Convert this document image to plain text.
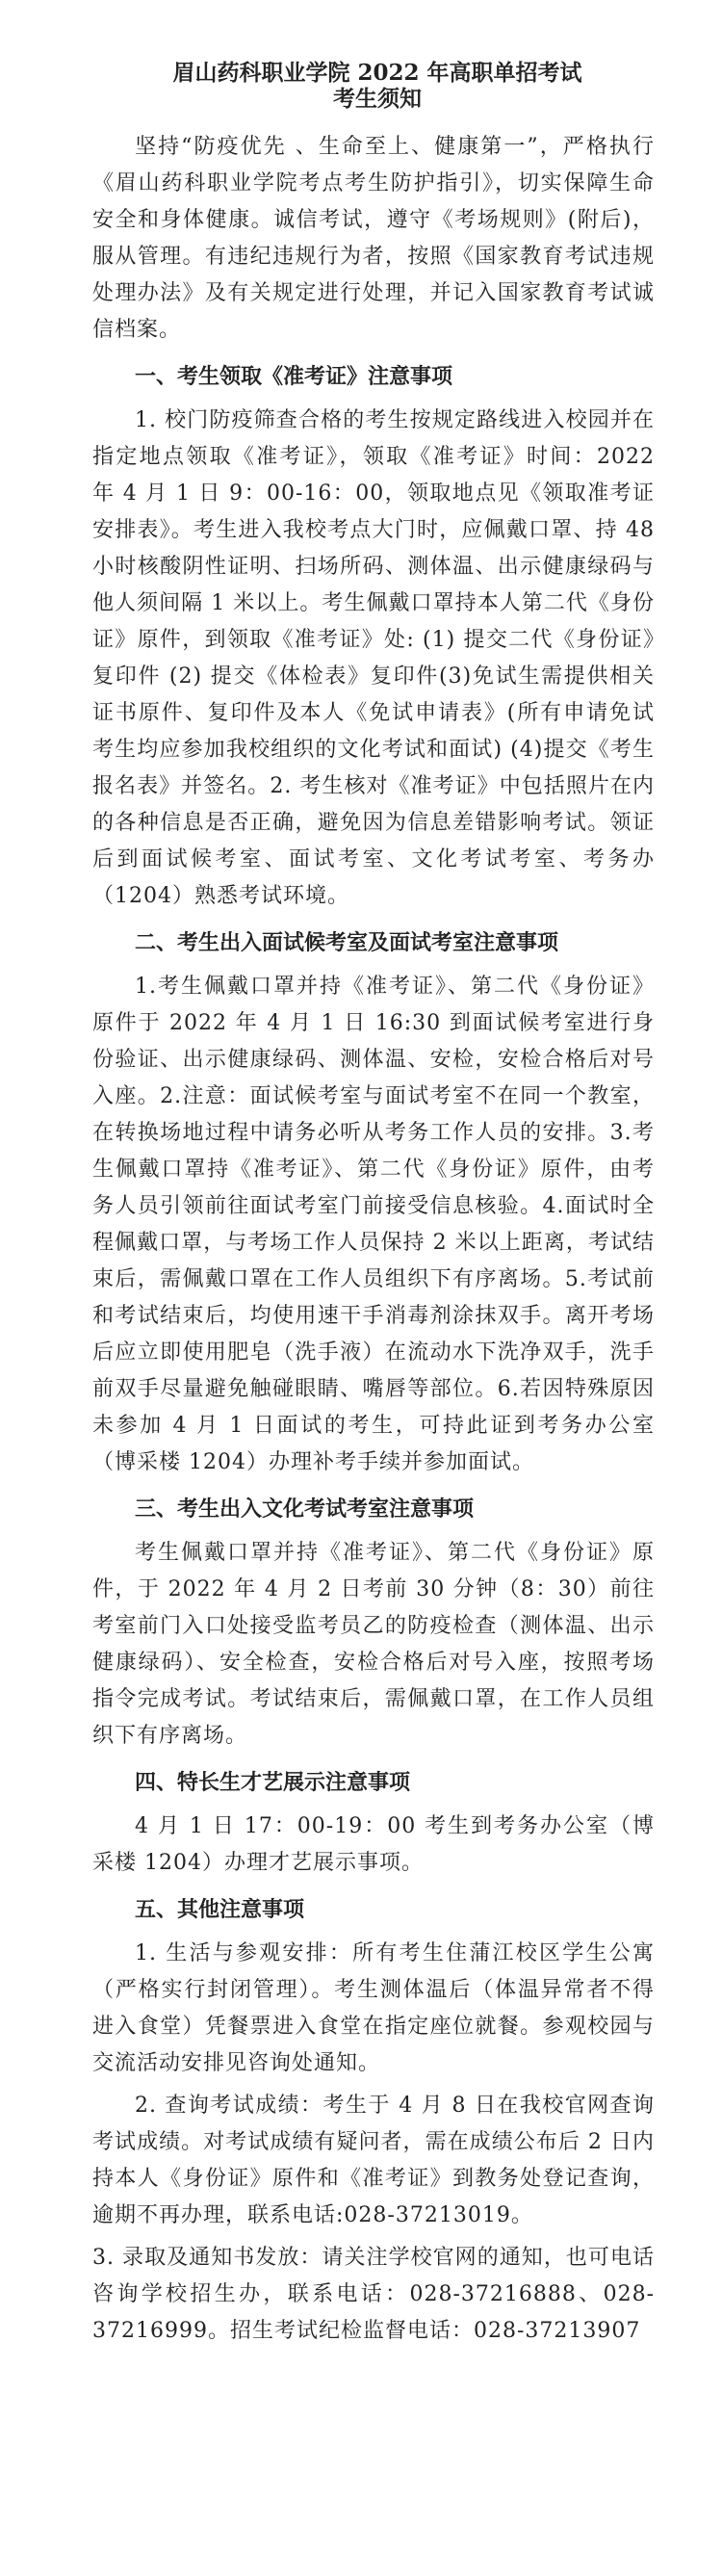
眉山药科职业学院 2022 年高职单招考试
考生须知

坚持“防疫优先 、生命至上、健康第一”，严格执行《眉山药科职业学院考点考生防护指引》，切实保障生命安全和身体健康。诚信考试，遵守《考场规则》(附后)，服从管理。有违纪违规行为者，按照《国家教育考试违规处理办法》及有关规定进行处理，并记入国家教育考试诚信档案。

一、考生领取《准考证》注意事项

1. 校门防疫筛查合格的考生按规定路线进入校园并在指定地点领取《准考证》，领取《准考证》时间：2022 年 4 月 1 日 9：00-16：00，领取地点见《领取准考证安排表》。考生进入我校考点大门时，应佩戴口罩、持 48 小时核酸阴性证明、扫场所码、测体温、出示健康绿码与他人须间隔 1 米以上。考生佩戴口罩持本人第二代《身份证》原件，到领取《准考证》处: (1) 提交二代《身份证》复印件 (2) 提交《体检表》复印件(3)免试生需提供相关证书原件、复印件及本人《免试申请表》(所有申请免试考生均应参加我校组织的文化考试和面试) (4)提交《考生报名表》并签名。2. 考生核对《准考证》中包括照片在内的各种信息是否正确，避免因为信息差错影响考试。领证后到面试候考室、面试考室、文化考试考室、考务办（1204）熟悉考试环境。

二、考生出入面试候考室及面试考室注意事项

1.考生佩戴口罩并持《准考证》、第二代《身份证》原件于 2022 年 4 月 1 日 16:30 到面试候考室进行身份验证、出示健康绿码、测体温、安检，安检合格后对号入座。2.注意：面试候考室与面试考室不在同一个教室，在转换场地过程中请务必听从考务工作人员的安排。3.考生佩戴口罩持《准考证》、第二代《身份证》原件，由考务人员引领前往面试考室门前接受信息核验。4.面试时全程佩戴口罩，与考场工作人员保持 2 米以上距离，考试结束后，需佩戴口罩在工作人员组织下有序离场。5.考试前和考试结束后，均使用速干手消毒剂涂抹双手。离开考场后应立即使用肥皂（洗手液）在流动水下洗净双手，洗手前双手尽量避免触碰眼睛、嘴唇等部位。6.若因特殊原因未参加 4 月 1 日面试的考生，可持此证到考务办公室（博采楼 1204）办理补考手续并参加面试。

三、考生出入文化考试考室注意事项

考生佩戴口罩并持《准考证》、第二代《身份证》原件，于 2022 年 4 月 2 日考前 30 分钟（8：30）前往考室前门入口处接受监考员乙的防疫检查（测体温、出示健康绿码）、安全检查，安检合格后对号入座，按照考场指令完成考试。考试结束后，需佩戴口罩，在工作人员组织下有序离场。

四、特长生才艺展示注意事项

4 月 1 日 17：00-19：00 考生到考务办公室（博采楼 1204）办理才艺展示事项。

五、其他注意事项

1. 生活与参观安排：所有考生住蒲江校区学生公寓（严格实行封闭管理）。考生测体温后（体温异常者不得进入食堂）凭餐票进入食堂在指定座位就餐。参观校园与交流活动安排见咨询处通知。

2. 查询考试成绩：考生于 4 月 8 日在我校官网查询考试成绩。对考试成绩有疑问者，需在成绩公布后 2 日内持本人《身份证》原件和《准考证》到教务处登记查询，逾期不再办理，联系电话:028-37213019。

3. 录取及通知书发放：请关注学校官网的通知，也可电话咨询学校招生办，联系电话：028-37216888、028-37216999。招生考试纪检监督电话：028-37213907
